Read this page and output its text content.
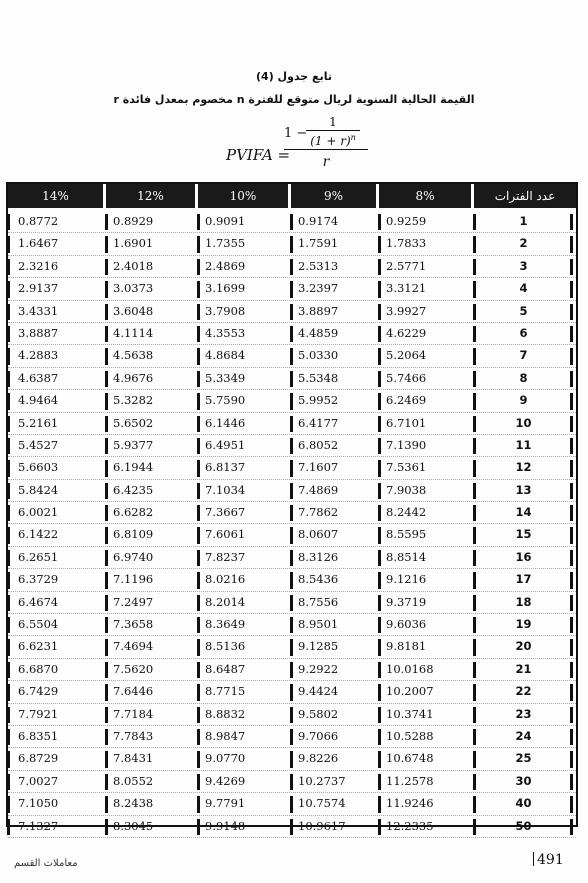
تابع جدول (4)
القيمة الحالية السنوية لريال متوقع للفترة n مخصوم بمعدل فائدة r
PVIFA =
1 −
1
$(1 + r)^n$
r
14%	12%	10%	9%	8%	عدد الفترات
0.8772	0.8929	0.9091	0.9174	0.9259	1
1.6467	1.6901	1.7355	1.7591	1.7833	2
2.3216	2.4018	2.4869	2.5313	2.5771	3
2.9137	3.0373	3.1699	3.2397	3.3121	4
3.4331	3.6048	3.7908	3.8897	3.9927	5
3.8887	4.1114	4.3553	4.4859	4.6229	6
4.2883	4.5638	4.8684	5.0330	5.2064	7
4.6387	4.9676	5.3349	5.5348	5.7466	8
4.9464	5.3282	5.7590	5.9952	6.2469	9
5.2161	5.6502	6.1446	6.4177	6.7101	10
5.4527	5.9377	6.4951	6.8052	7.1390	11
5.6603	6.1944	6.8137	7.1607	7.5361	12
5.8424	6.4235	7.1034	7.4869	7.9038	13
6.0021	6.6282	7.3667	7.7862	8.2442	14
6.1422	6.8109	7.6061	8.0607	8.5595	15
6.2651	6.9740	7.8237	8.3126	8.8514	16
6.3729	7.1196	8.0216	8.5436	9.1216	17
6.4674	7.2497	8.2014	8.7556	9.3719	18
6.5504	7.3658	8.3649	8.9501	9.6036	19
6.6231	7.4694	8.5136	9.1285	9.8181	20
6.6870	7.5620	8.6487	9.2922	10.0168	21
6.7429	7.6446	8.7715	9.4424	10.2007	22
7.7921	7.7184	8.8832	9.5802	10.3741	23
6.8351	7.7843	8.9847	9.7066	10.5288	24
6.8729	7.8431	9.0770	9.8226	10.6748	25
7.0027	8.0552	9.4269	10.2737	11.2578	30
7.1050	8.2438	9.7791	10.7574	11.9246	40
7.1327	8.3045	9.9148	10.9617	12.2335	50
معاملات القسم	491
